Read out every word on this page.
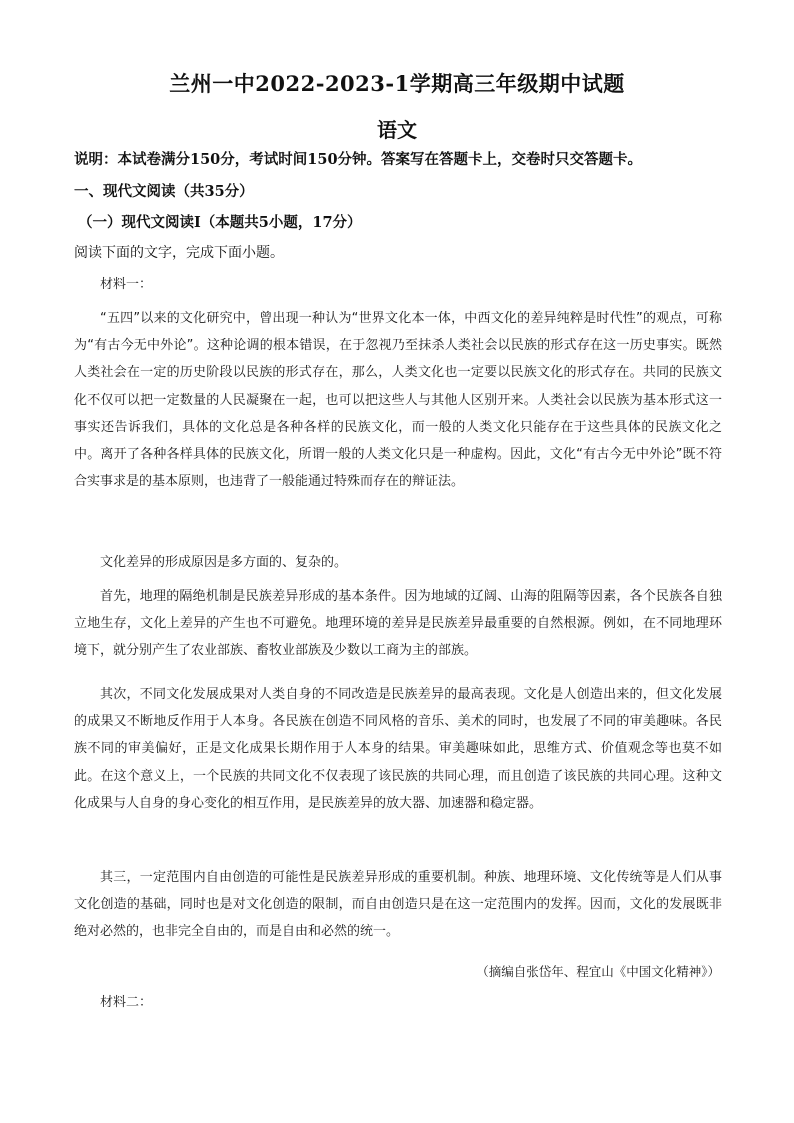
兰州一中2022-2023-1学期高三年级期中试题
语文
说明：本试卷满分150分，考试时间150分钟。答案写在答题卡上，交卷时只交答题卡。
一、现代文阅读（共35分）
（一）现代文阅读Ⅰ（本题共5小题，17分）
阅读下面的文字，完成下面小题。
材料一：
“五四”以来的文化研究中，曾出现一种认为“世界文化本一体，中西文化的差异纯粹是时代性”的观点，可称为“有古今无中外论”。这种论调的根本错误，在于忽视乃至抹杀人类社会以民族的形式存在这一历史事实。既然人类社会在一定的历史阶段以民族的形式存在，那么，人类文化也一定要以民族文化的形式存在。共同的民族文化不仅可以把一定数量的人民凝聚在一起，也可以把这些人与其他人区别开来。人类社会以民族为基本形式这一事实还告诉我们，具体的文化总是各种各样的民族文化，而一般的人类文化只能存在于这些具体的民族文化之中。离开了各种各样具体的民族文化，所谓一般的人类文化只是一种虚构。因此，文化“有古今无中外论”既不符合实事求是的基本原则，也违背了一般能通过特殊而存在的辩证法。
文化差异的形成原因是多方面的、复杂的。
首先，地理的隔绝机制是民族差异形成的基本条件。因为地域的辽阔、山海的阻隔等因素，各个民族各自独立地生存，文化上差异的产生也不可避免。地理环境的差异是民族差异最重要的自然根源。例如，在不同地理环境下，就分别产生了农业部族、畜牧业部族及少数以工商为主的部族。
其次，不同文化发展成果对人类自身的不同改造是民族差异的最高表现。文化是人创造出来的，但文化发展的成果又不断地反作用于人本身。各民族在创造不同风格的音乐、美术的同时，也发展了不同的审美趣味。各民族不同的审美偏好，正是文化成果长期作用于人本身的结果。审美趣味如此，思维方式、价值观念等也莫不如此。在这个意义上，一个民族的共同文化不仅表现了该民族的共同心理，而且创造了该民族的共同心理。这种文化成果与人自身的身心变化的相互作用，是民族差异的放大器、加速器和稳定器。
其三，一定范围内自由创造的可能性是民族差异形成的重要机制。种族、地理环境、文化传统等是人们从事文化创造的基础，同时也是对文化创造的限制，而自由创造只是在这一定范围内的发挥。因而，文化的发展既非绝对必然的，也非完全自由的，而是自由和必然的统一。
（摘编自张岱年、程宜山《中国文化精神》）
材料二：
